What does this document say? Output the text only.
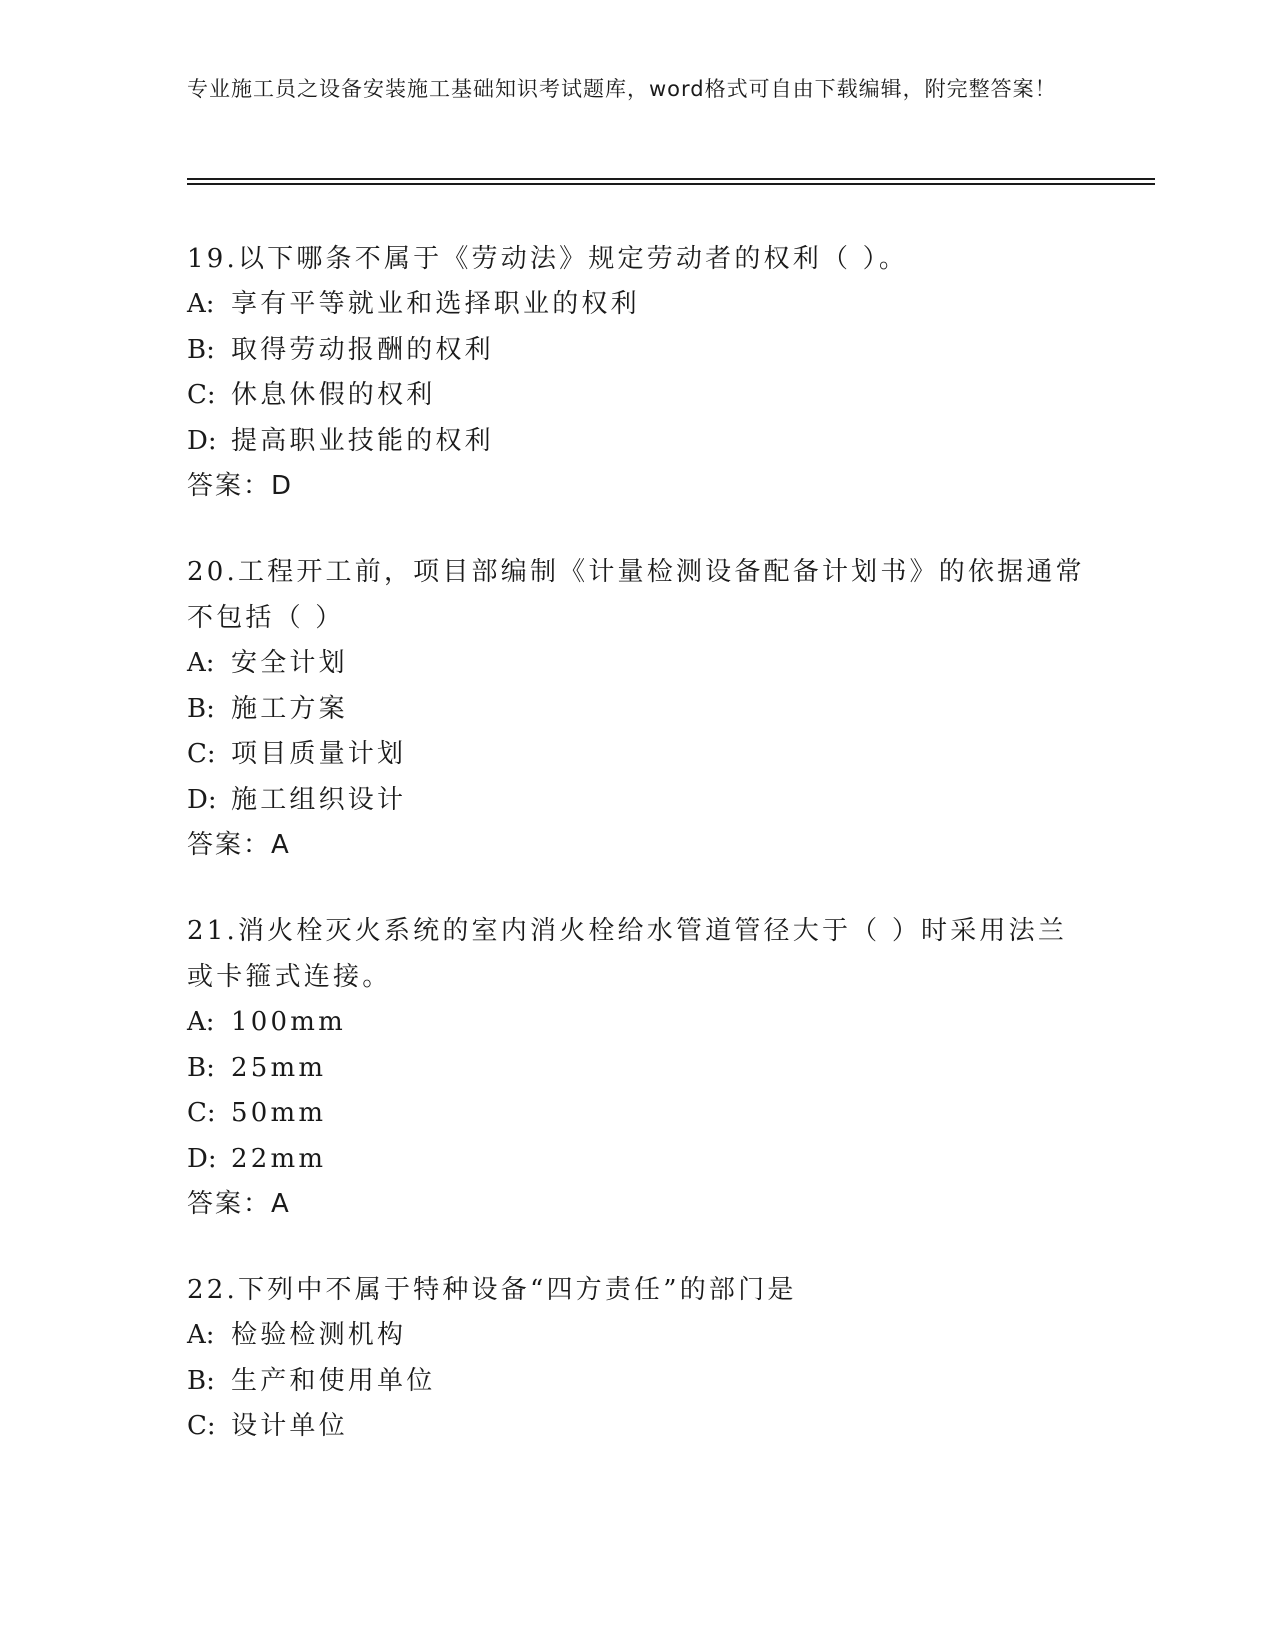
专业施工员之设备安装施工基础知识考试题库，word格式可自由下载编辑，附完整答案！

19.以下哪条不属于《劳动法》规定劳动者的权利（ ）。

A: 享有平等就业和选择职业的权利
B: 取得劳动报酬的权利
C: 休息休假的权利
D: 提高职业技能的权利
答案：D

20.工程开工前，项目部编制《计量检测设备配备计划书》的依据通常不包括（ ）

A: 安全计划
B: 施工方案
C: 项目质量计划
D: 施工组织设计
答案：A

21.消火栓灭火系统的室内消火栓给水管道管径大于（ ）时采用法兰或卡箍式连接。

A: 100mm
B: 25mm
C: 50mm
D: 22mm
答案：A

22.下列中不属于特种设备“四方责任”的部门是

A: 检验检测机构
B: 生产和使用单位
C: 设计单位
